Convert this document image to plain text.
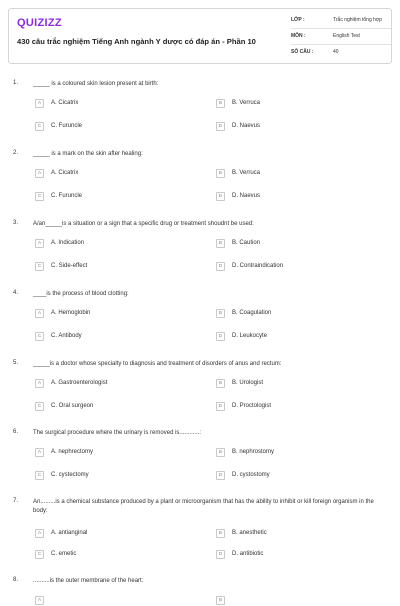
QUIZIZZ
430 câu trắc nghiệm Tiếng Anh ngành Y dược có đáp án - Phần 10
LỚP :	Trắc nghiệm tổng hợp
MÔN :	English Test
SỐ CÂU :	40
1. _____ is a coloured skin lesion present at birth:
A	A. Cicatrix	B	B. Verruca
C	C. Furuncle	D	D. Naevus
2. _____ is a mark on the skin after healing:
A	A. Cicatrix	B	B. Verruca
C	C. Furuncle	D	D. Naevus
3. A/an_____is a situation or a sign that a specific drug or treatment shoudnt be used:
A	A. Indication	B	B. Caution
C	C. Side-effect	D	D. Contraindication
4. ____is the process of blood clotting:
A	A. Hemoglobin	B	B. Coagulation
C	C. Antibody	D	D. Leukocyte
5. _____is a doctor whose specialty to diagnosis and treatment of disorders of anus and rectum:
A	A. Gastroenterologist	B	B. Urologist
C	C. Oral surgeon	D	D. Proctologist
6. The surgical procedure where the urinary is removed is............:
A	A. nephrectomy	B	B. nephrostomy
C	C. cystectomy	D	D. cystostomy
7. An.........is a chemical substance produced by a plant or microorganism that has the ability to inhibit or kill foreign organism in the body:
A	A. antianginal	B	B. anesthetic
C	C. emetic	D	D. antibiotic
8. ..........is the outer membrane of the heart:
A	B
